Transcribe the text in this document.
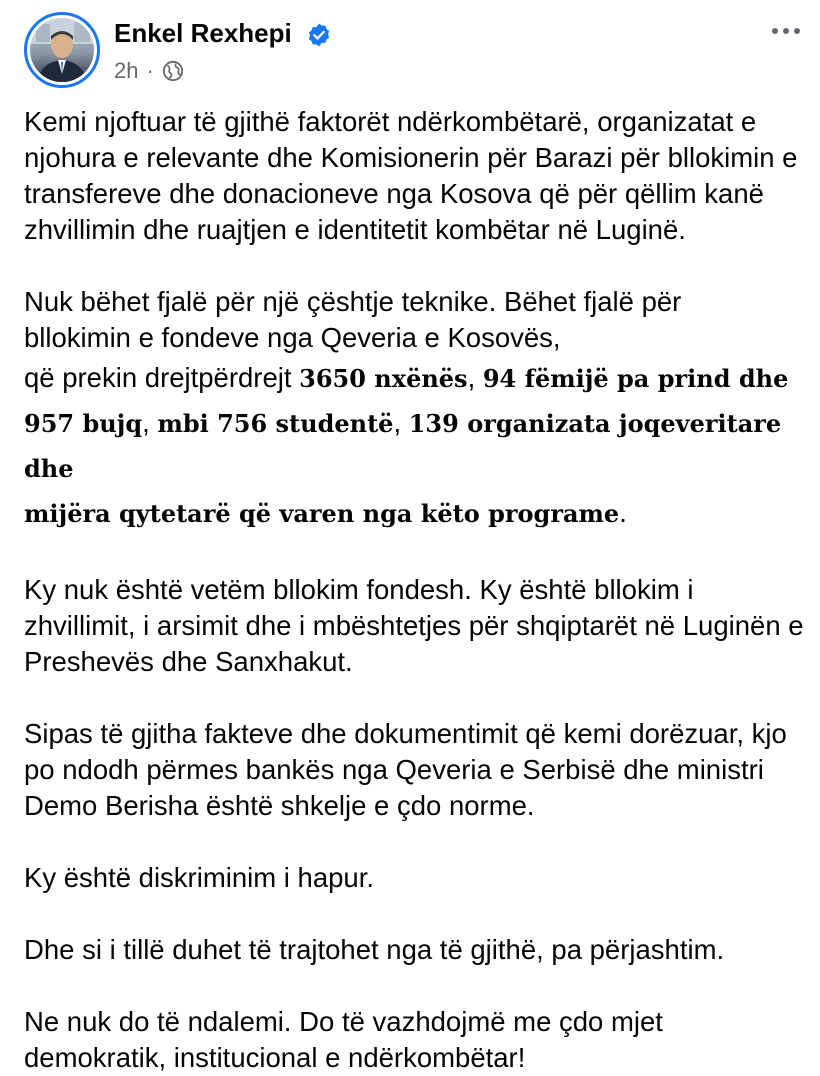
Enkel Rexhepi
2h ·

Kemi njoftuar të gjithë faktorët ndërkombëtarë, organizatat e njohura e relevante dhe Komisionerin për Barazi për bllokimin e transfereve dhe donacioneve nga Kosova që për qëllim kanë zhvillimin dhe ruajtjen e identitetit kombëtar në Luginë.

Nuk bëhet fjalë për një çështje teknike. Bëhet fjalë për
bllokimin e fondeve nga Qeveria e Kosovës,
që prekin drejtpërdrejt 3650 nxënës, 94 fëmijë pa prind dhe
957 bujq, mbi 756 studentë, 139 organizata joqeveritare dhe
mijëra qytetarë që varen nga këto programe.

Ky nuk është vetëm bllokim fondesh. Ky është bllokim i zhvillimit, i arsimit dhe i mbështetjes për shqiptarët në Luginën e Preshevës dhe Sanxhakut.

Sipas të gjitha fakteve dhe dokumentimit që kemi dorëzuar, kjo po ndodh përmes bankës nga Qeveria e Serbisë dhe ministri Demo Berisha është shkelje e çdo norme.

Ky është diskriminim i hapur.

Dhe si i tillë duhet të trajtohet nga të gjithë, pa përjashtim.

Ne nuk do të ndalemi. Do të vazhdojmë me çdo mjet demokratik, institucional e ndërkombëtar!
